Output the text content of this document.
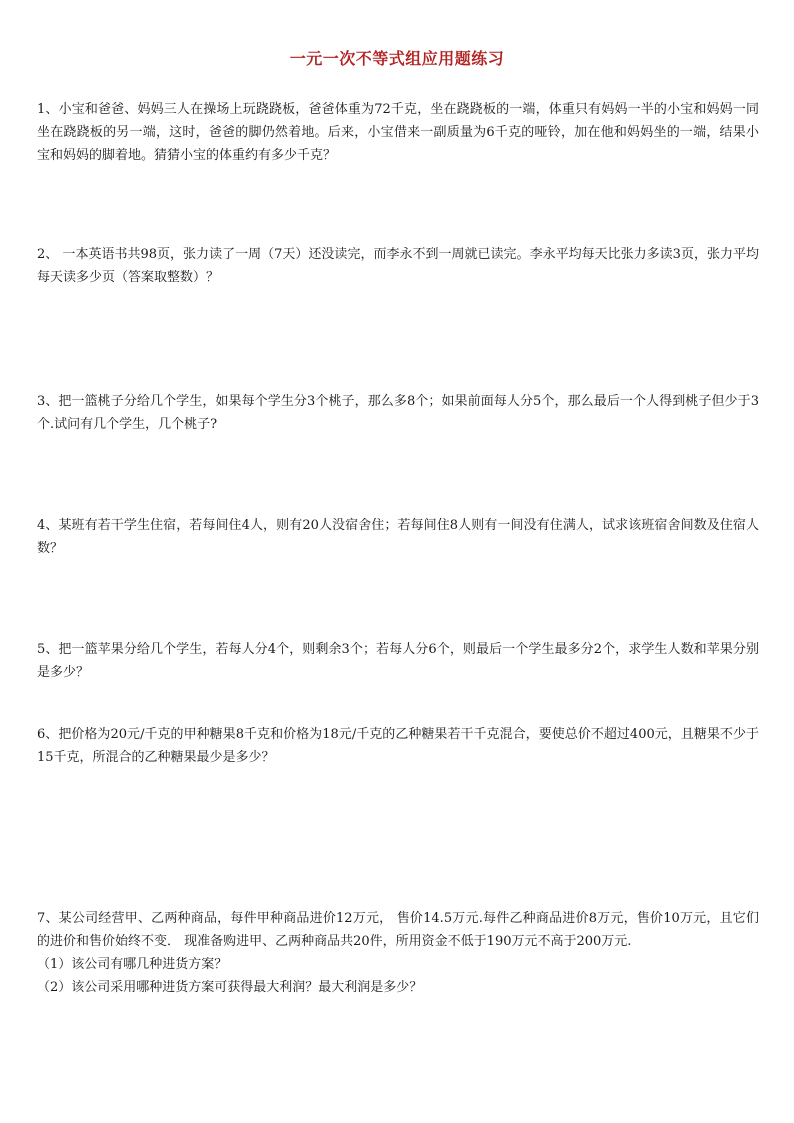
一元一次不等式组应用题练习

1、小宝和爸爸、妈妈三人在操场上玩跷跷板，爸爸体重为72千克，坐在跷跷板的一端，体重只有妈妈一半的小宝和妈妈一同坐在跷跷板的另一端，这时，爸爸的脚仍然着地。后来，小宝借来一副质量为6千克的哑铃，加在他和妈妈坐的一端，结果小宝和妈妈的脚着地。猜猜小宝的体重约有多少千克？

2、 一本英语书共98页，张力读了一周（7天）还没读完，而李永不到一周就已读完。李永平均每天比张力多读3页，张力平均每天读多少页（答案取整数）？

3、把一篮桃子分给几个学生，如果每个学生分3个桃子，那么多8个；如果前面每人分5个，那么最后一个人得到桃子但少于3个.试问有几个学生，几个桃子?

4、某班有若干学生住宿，若每间住4人，则有20人没宿舍住；若每间住8人则有一间没有住满人，试求该班宿舍间数及住宿人数？

5、把一篮苹果分给几个学生，若每人分4个，则剩余3个；若每人分6个，则最后一个学生最多分2个，求学生人数和苹果分别是多少？

6、把价格为20元/千克的甲种糖果8千克和价格为18元/千克的乙种糖果若干千克混合，要使总价不超过400元，且糖果不少于15千克，所混合的乙种糖果最少是多少？

7、某公司经营甲、乙两种商品，每件甲种商品进价12万元， 售价14.5万元.每件乙种商品进价8万元，售价10万元，且它们的进价和售价始终不变． 现准备购进甲、乙两种商品共20件，所用资金不低于190万元不高于200万元.

（1）该公司有哪几种进货方案？
（2）该公司采用哪种进货方案可获得最大利润？最大利润是多少？
